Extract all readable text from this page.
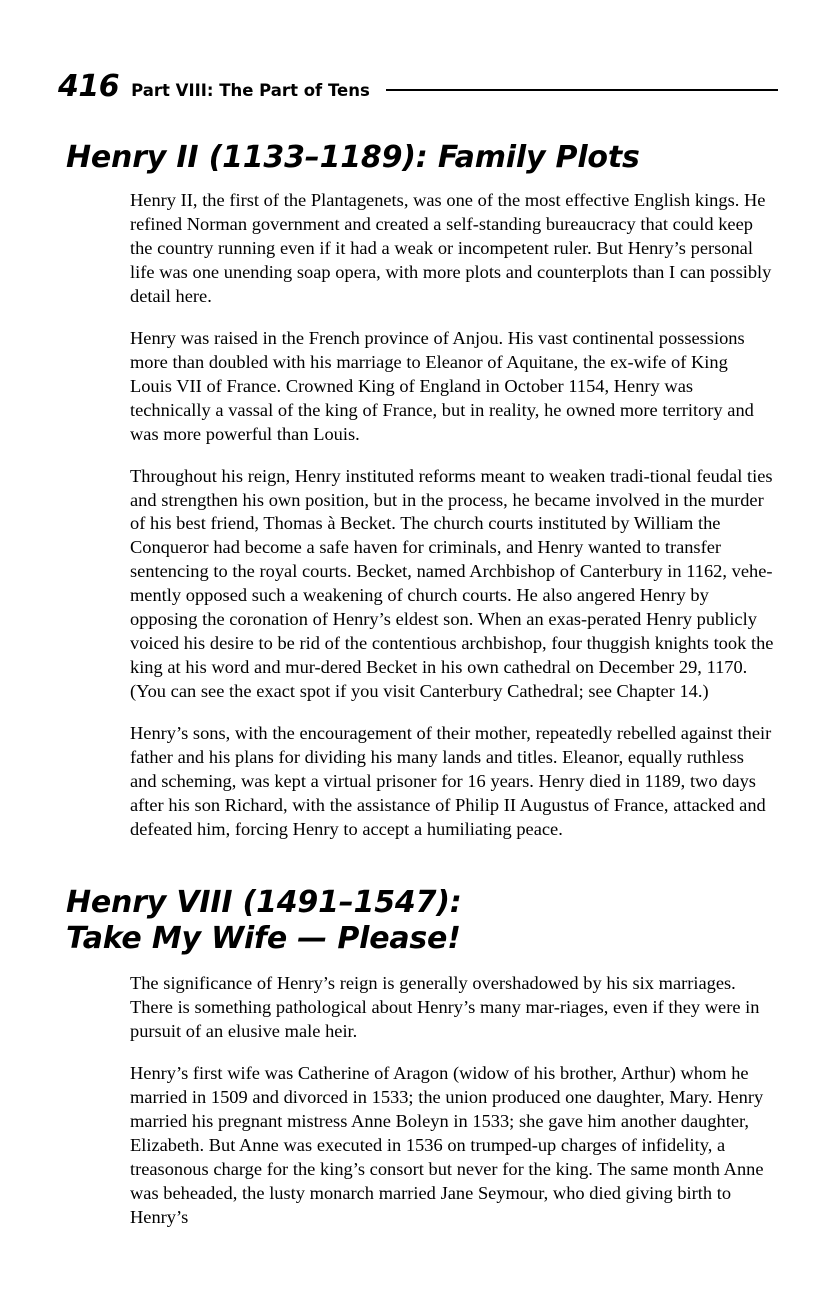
416 Part VIII: The Part of Tens
Henry II (1133–1189): Family Plots

Henry II, the first of the Plantagenets, was one of the most effective English kings. He refined Norman government and created a self-standing bureaucracy that could keep the country running even if it had a weak or incompetent ruler. But Henry’s personal life was one unending soap opera, with more plots and counterplots than I can possibly detail here.

Henry was raised in the French province of Anjou. His vast continental possessions more than doubled with his marriage to Eleanor of Aquitane, the ex-wife of King Louis VII of France. Crowned King of England in October 1154, Henry was technically a vassal of the king of France, but in reality, he owned more territory and was more powerful than Louis.

Throughout his reign, Henry instituted reforms meant to weaken tradi-tional feudal ties and strengthen his own position, but in the process, he became involved in the murder of his best friend, Thomas à Becket. The church courts instituted by William the Conqueror had become a safe haven for criminals, and Henry wanted to transfer sentencing to the royal courts. Becket, named Archbishop of Canterbury in 1162, vehe-mently opposed such a weakening of church courts. He also angered Henry by opposing the coronation of Henry’s eldest son. When an exas-perated Henry publicly voiced his desire to be rid of the contentious archbishop, four thuggish knights took the king at his word and mur-dered Becket in his own cathedral on December 29, 1170. (You can see the exact spot if you visit Canterbury Cathedral; see Chapter 14.)

Henry’s sons, with the encouragement of their mother, repeatedly rebelled against their father and his plans for dividing his many lands and titles. Eleanor, equally ruthless and scheming, was kept a virtual prisoner for 16 years. Henry died in 1189, two days after his son Richard, with the assistance of Philip II Augustus of France, attacked and defeated him, forcing Henry to accept a humiliating peace.

Henry VIII (1491–1547):
Take My Wife — Please!

The significance of Henry’s reign is generally overshadowed by his six marriages. There is something pathological about Henry’s many mar-riages, even if they were in pursuit of an elusive male heir.

Henry’s first wife was Catherine of Aragon (widow of his brother, Arthur) whom he married in 1509 and divorced in 1533; the union produced one daughter, Mary. Henry married his pregnant mistress Anne Boleyn in 1533; she gave him another daughter, Elizabeth. But Anne was executed in 1536 on trumped-up charges of infidelity, a treasonous charge for the king’s consort but never for the king. The same month Anne was beheaded, the lusty monarch married Jane Seymour, who died giving birth to Henry’s
